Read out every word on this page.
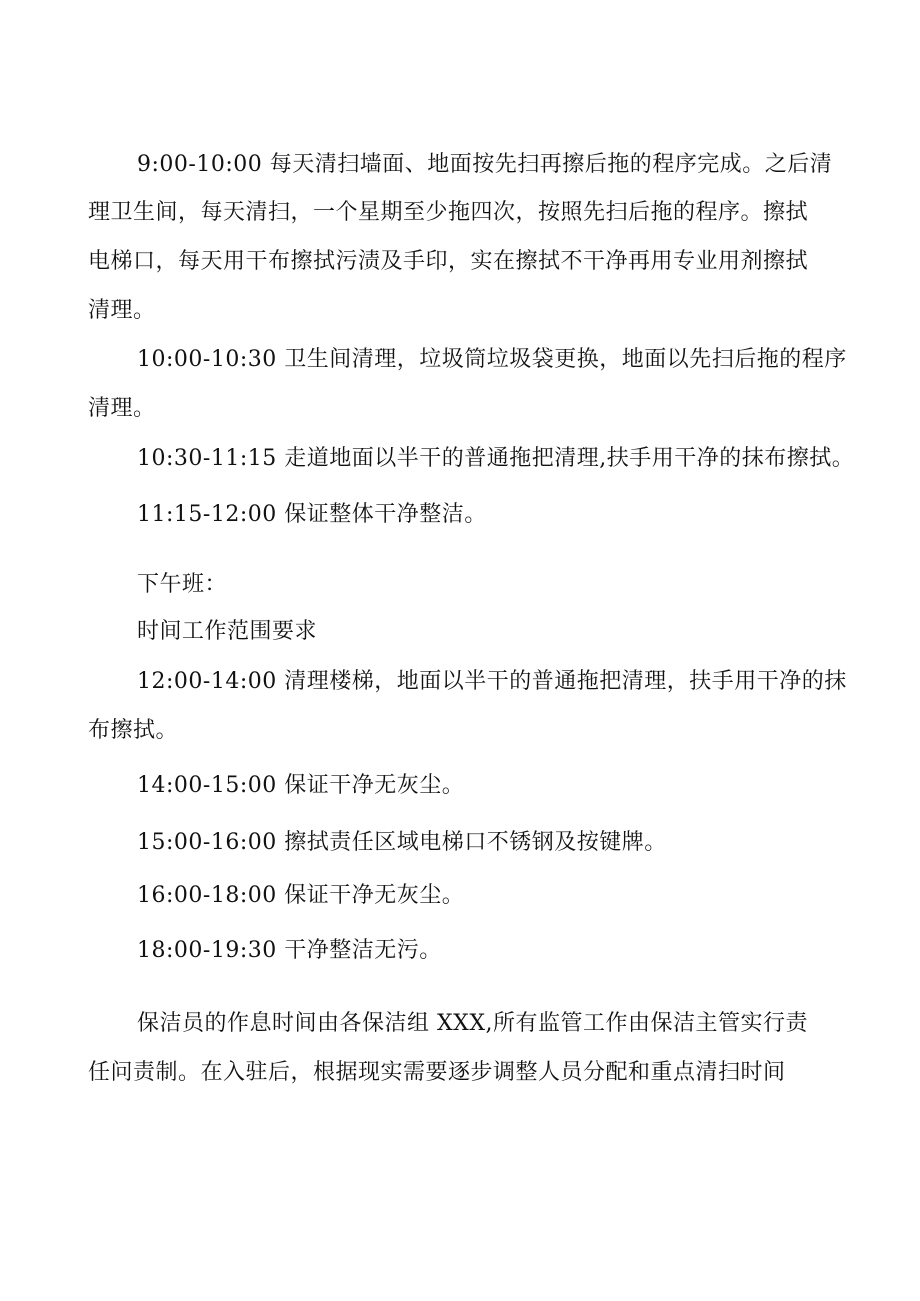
9:00-10:00 每天清扫墙面、地面按先扫再擦后拖的程序完成。之后清
理卫生间，每天清扫，一个星期至少拖四次，按照先扫后拖的程序。擦拭
电梯口，每天用干布擦拭污渍及手印，实在擦拭不干净再用专业用剂擦拭
清理。
10:00-10:30 卫生间清理，垃圾筒垃圾袋更换，地面以先扫后拖的程序
清理。
10:30-11:15 走道地面以半干的普通拖把清理,扶手用干净的抹布擦拭。
11:15-12:00 保证整体干净整洁。
下午班：
时间工作范围要求
12:00-14:00 清理楼梯，地面以半干的普通拖把清理，扶手用干净的抹
布擦拭。
14:00-15:00 保证干净无灰尘。
15:00-16:00 擦拭责任区域电梯口不锈钢及按键牌。
16:00-18:00 保证干净无灰尘。
18:00-19:30 干净整洁无污。
保洁员的作息时间由各保洁组 XXX,所有监管工作由保洁主管实行责
任问责制。在入驻后，根据现实需要逐步调整人员分配和重点清扫时间
